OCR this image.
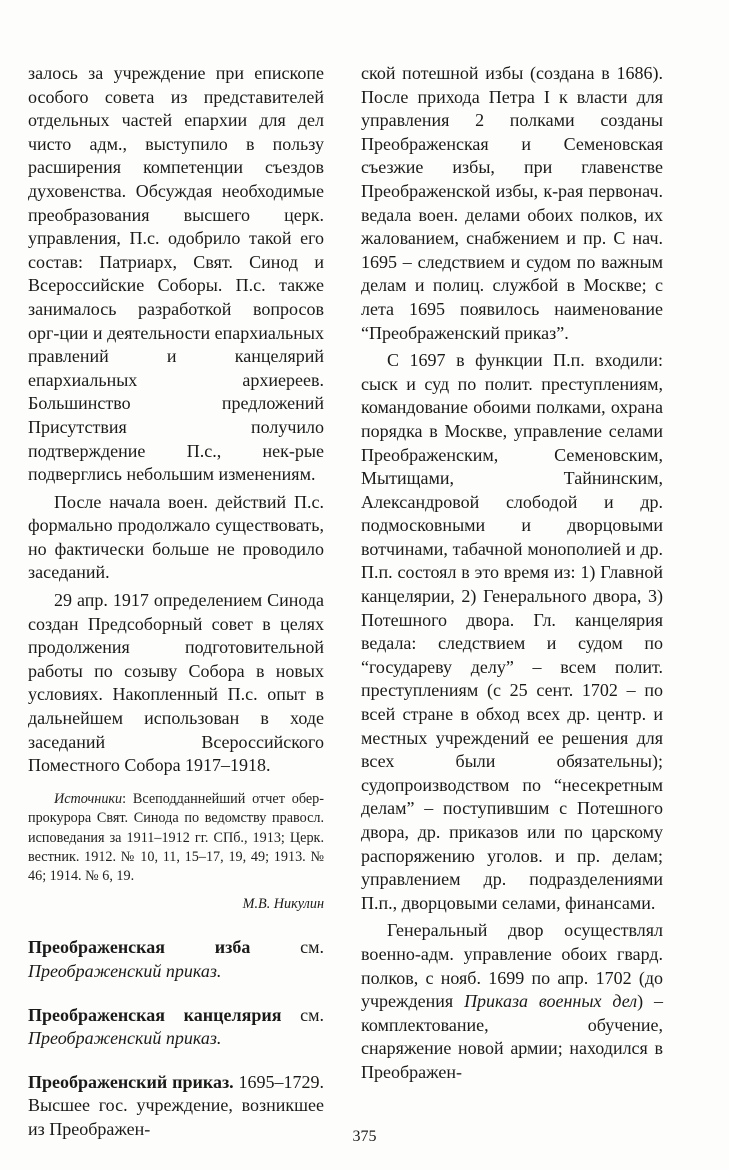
залось за учреждение при епископе особого совета из представителей отдельных частей епархии для дел чисто адм., выступило в пользу расширения компетенции съездов духовенства. Обсуждая необходимые преобразования высшего церк. управления, П.с. одобрило такой его состав: Патриарх, Свят. Синод и Всероссийские Соборы. П.с. также занималось разработкой вопросов орг-ции и деятельности епархиальных правлений и канцелярий епархиальных архиереев. Большинство предложений Присутствия получило подтверждение П.с., нек-рые подверглись небольшим изменениям.

После начала воен. действий П.с. формально продолжало существовать, но фактически больше не проводило заседаний.

29 апр. 1917 определением Синода создан Предсоборный совет в целях продолжения подготовительной работы по созыву Собора в новых условиях. Накопленный П.с. опыт в дальнейшем использован в ходе заседаний Всероссийского Поместного Собора 1917–1918.

Источники: Всеподданнейший отчет обер-прокурора Свят. Синода по ведомству правосл. исповедания за 1911–1912 гг. СПб., 1913; Церк. вестник. 1912. № 10, 11, 15–17, 19, 49; 1913. № 46; 1914. № 6, 19.

М.В. Никулин

Преображенская изба	см. Преображенский приказ.

Преображенская канцелярия см. Преображенский приказ.

Преображенский приказ. 1695–1729. Высшее гос. учреждение, возникшее из Преображен-

ской потешной избы (создана в 1686). После прихода Петра I к власти для управления 2 полками созданы Преображенская и Семеновская съезжие избы, при главенстве Преображенской избы, к-рая первонач. ведала воен. делами обоих полков, их жалованием, снабжением и пр. С нач. 1695 – следствием и судом по важным делам и полиц. службой в Москве; с лета 1695 появилось наименование “Преображенский приказ”.

С 1697 в функции П.п. входили: сыск и суд по полит. преступлениям, командование обоими полками, охрана порядка в Москве, управление селами Преображенским, Семеновским, Мытищами, Тайнинским, Александровой слободой и др. подмосковными и дворцовыми вотчинами, табачной монополией и др. П.п. состоял в это время из: 1) Главной канцелярии, 2) Генерального двора, 3) Потешного двора. Гл. канцелярия ведала: следствием и судом по “государеву делу” – всем полит. преступлениям (с 25 сент. 1702 – по всей стране в обход всех др. центр. и местных учреждений ее решения для всех были обязательны); судопроизводством по “несекретным делам” – поступившим с Потешного двора, др. приказов или по царскому распоряжению уголов. и пр. делам; управлением др. подразделениями П.п., дворцовыми селами, финансами.

Генеральный двор осуществлял военно-адм. управление обоих гвард. полков, с нояб. 1699 по апр. 1702 (до учреждения Приказа военных дел) – комплектование, обучение, снаряжение новой армии; находился в Преображен-

375
